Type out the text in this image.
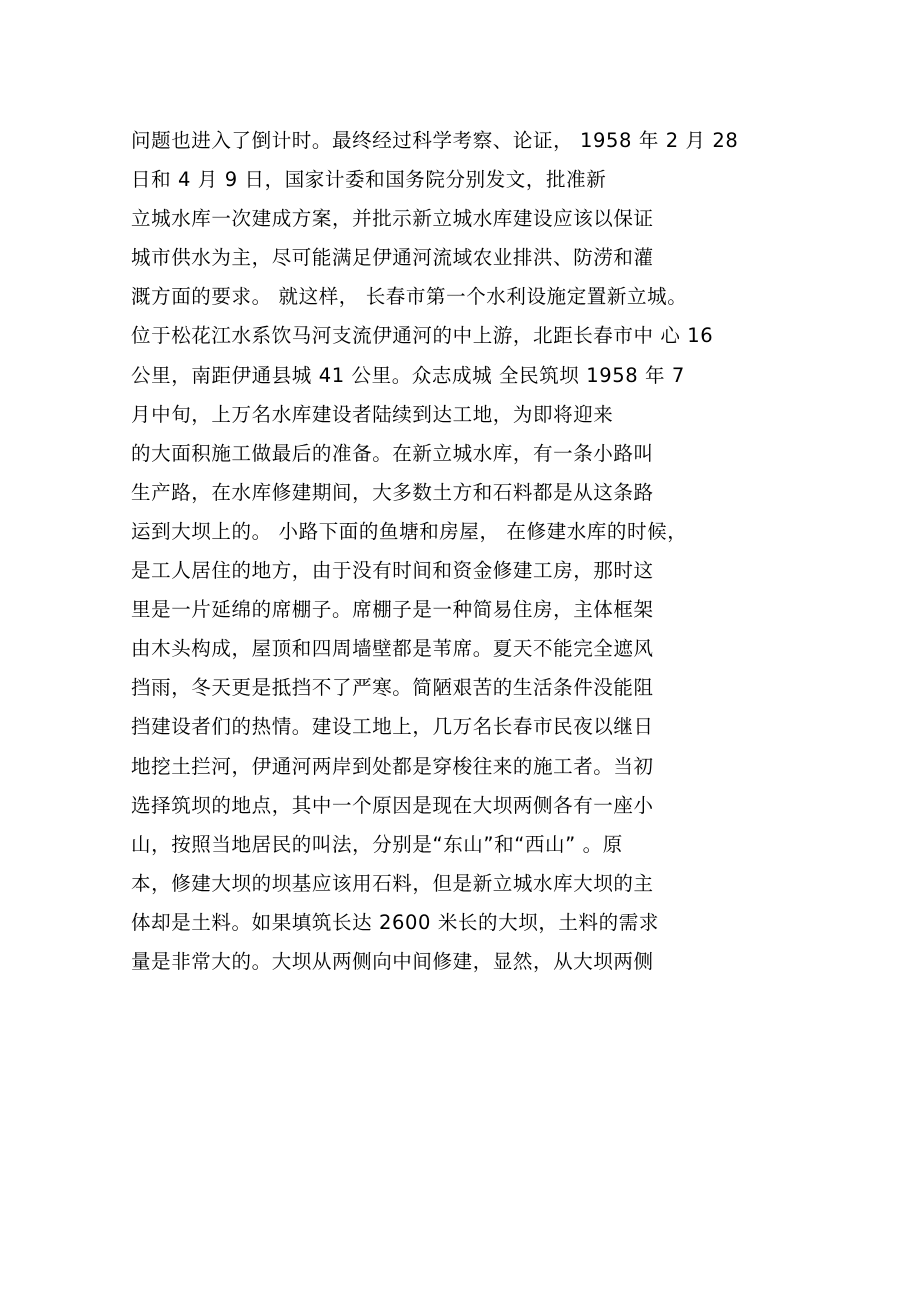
问题也进入了倒计时。最终经过科学考察、论证， 1958 年 2 月 28
日和 4 月 9 日，国家计委和国务院分别发文，批准新
立城水库一次建成方案，并批示新立城水库建设应该以保证
城市供水为主，尽可能满足伊通河流域农业排洪、防涝和灌
溉方面的要求。 就这样， 长春市第一个水利设施定置新立城。
位于松花江水系饮马河支流伊通河的中上游，北距长春市中 心 16
公里，南距伊通县城 41 公里。众志成城 全民筑坝 1958 年 7
月中旬，上万名水库建设者陆续到达工地，为即将迎来
的大面积施工做最后的准备。在新立城水库，有一条小路叫
生产路，在水库修建期间，大多数土方和石料都是从这条路
运到大坝上的。 小路下面的鱼塘和房屋， 在修建水库的时候，
是工人居住的地方，由于没有时间和资金修建工房，那时这
里是一片延绵的席棚子。席棚子是一种简易住房，主体框架
由木头构成，屋顶和四周墙壁都是苇席。夏天不能完全遮风
挡雨，冬天更是抵挡不了严寒。简陋艰苦的生活条件没能阻
挡建设者们的热情。建设工地上，几万名长春市民夜以继日
地挖土拦河，伊通河两岸到处都是穿梭往来的施工者。当初
选择筑坝的地点，其中一个原因是现在大坝两侧各有一座小
山，按照当地居民的叫法，分别是“东山”和“西山” 。原
本，修建大坝的坝基应该用石料，但是新立城水库大坝的主
体却是土料。如果填筑长达 2600 米长的大坝，土料的需求
量是非常大的。大坝从两侧向中间修建，显然，从大坝两侧
